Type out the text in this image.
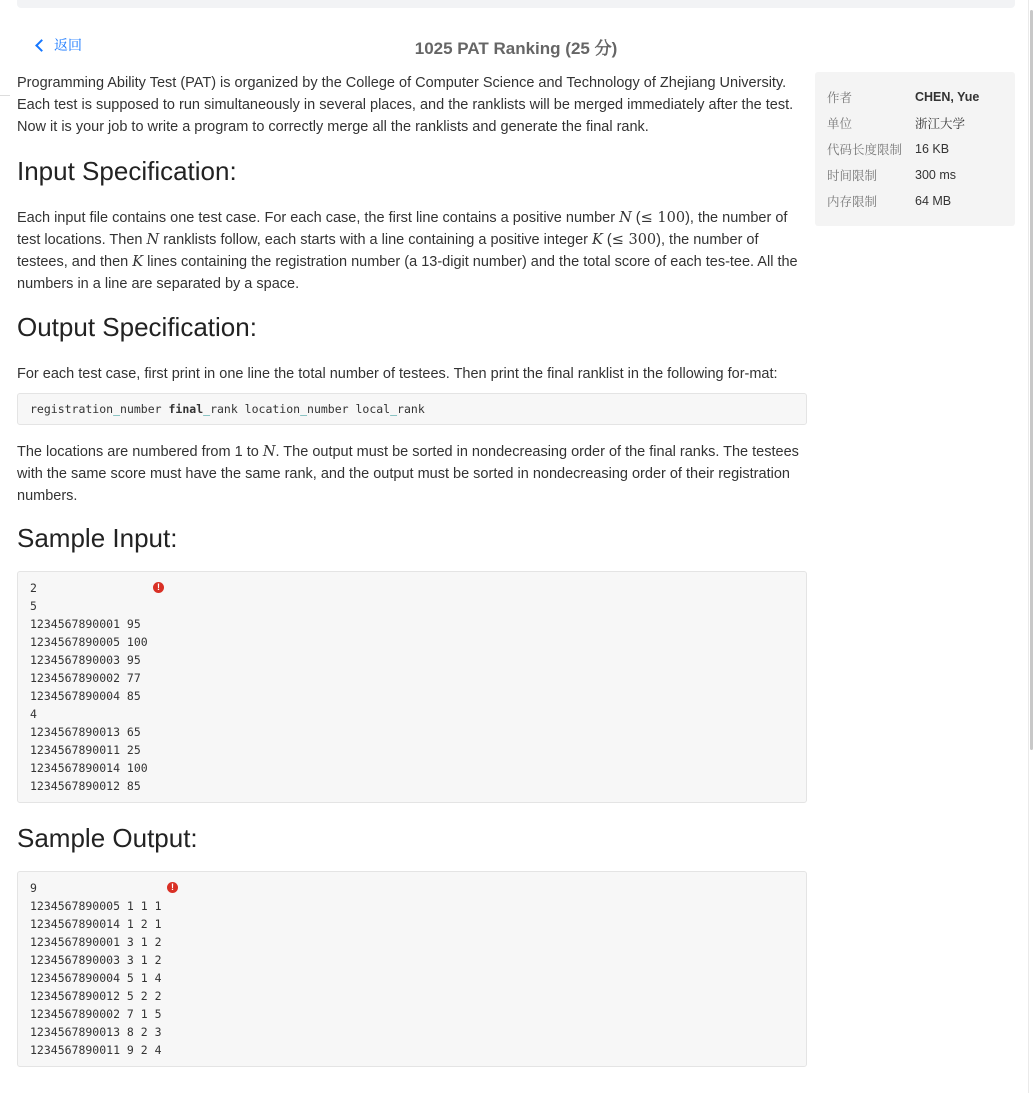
返回	1025 PAT Ranking (25 分)

Programming Ability Test (PAT) is organized by the College of Computer Science and Technology of Zhejiang University. Each test is supposed to run simultaneously in several places, and the ranklists will be merged immediately after the test. Now it is your job to write a program to correctly merge all the ranklists and generate the final rank.

Input Specification:

Each input file contains one test case. For each case, the first line contains a positive number N (≤ 100), the number of test locations. Then N ranklists follow, each starts with a line containing a positive integer K (≤ 300), the number of testees, and then K lines containing the registration number (a 13-digit number) and the total score of each tes-tee. All the numbers in a line are separated by a space.

Output Specification:

For each test case, first print in one line the total number of testees. Then print the final ranklist in the following for-mat:

registration_number final_rank location_number local_rank

The locations are numbered from 1 to N. The output must be sorted in nondecreasing order of the final ranks. The testees with the same score must have the same rank, and the output must be sorted in nondecreasing order of their registration numbers.

Sample Input:
!
2
5
1234567890001 95
1234567890005 100
1234567890003 95
1234567890002 77
1234567890004 85
4
1234567890013 65
1234567890011 25
1234567890014 100
1234567890012 85
Sample Output:
!
9
1234567890005 1 1 1
1234567890014 1 2 1
1234567890001 3 1 2
1234567890003 3 1 2
1234567890004 5 1 4
1234567890012 5 2 2
1234567890002 7 1 5
1234567890013 8 2 3
1234567890011 9 2 4
作者	CHEN, Yue
单位	浙江大学
代码长度限制	16 KB
时间限制	300 ms
内存限制	64 MB
